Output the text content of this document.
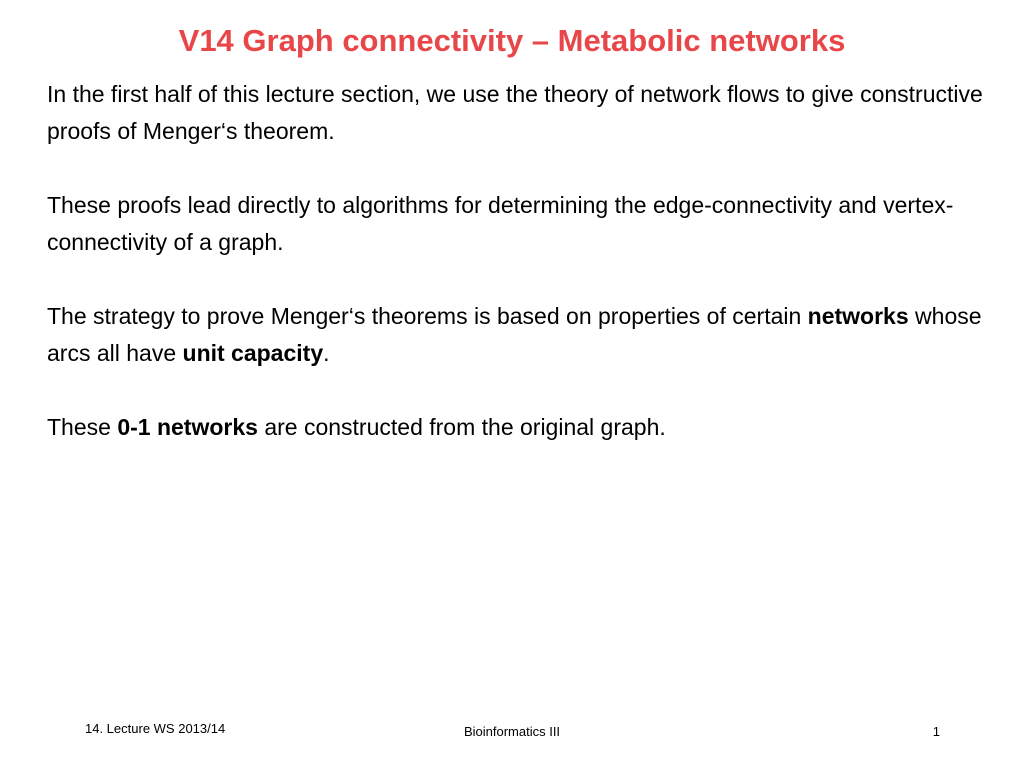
V14 Graph connectivity – Metabolic networks

In the first half of this lecture section, we use the theory of network flows to give constructive proofs of Menger‘s theorem.

These proofs lead directly to algorithms for determining the edge-connectivity and vertex-connectivity of a graph.

The strategy to prove Menger‘s theorems is based on properties of certain networks whose arcs all have unit capacity.

These 0-1 networks are constructed from the original graph.

14. Lecture WS 2013/14	Bioinformatics III	1
